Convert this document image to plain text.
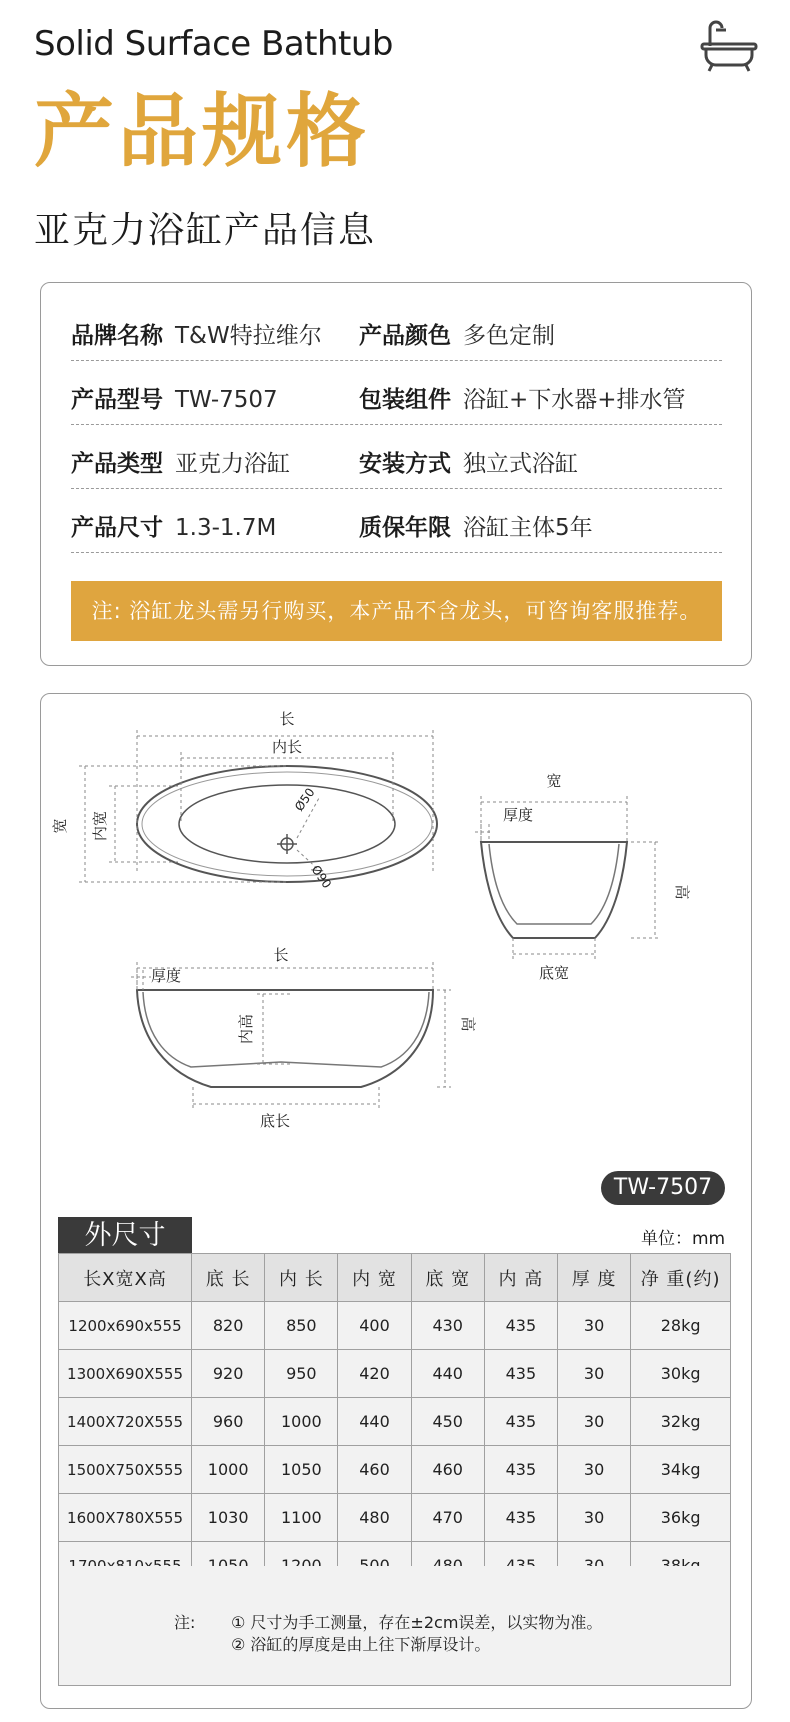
Solid Surface Bathtub
产品规格
亚克力浴缸产品信息
品牌名称 T&W特拉维尔 产品颜色 多色定制
产品型号 TW-7507	包装组件 浴缸+下水器+排水管
产品类型 亚克力浴缸	安装方式 独立式浴缸
产品尺寸 1.3-1.7M	质保年限 浴缸主体5年
注: 浴缸龙头需另行购买，本产品不含龙头，可咨询客服推荐。
长
内长
宽 内宽
Ø50
Ø90
宽
厚度
高
底宽
长
厚度
内高	高
底长
TW-7507
外尺寸	单位：mm
长X宽X高	底 长	内 长	内 宽	底 宽	内 高	厚 度	净 重(约)
1200x690x555	820	850	400	430	435	30	28kg
1300X690X555	920	950	420	440	435	30	30kg
1400X720X555	960	1000	440	450	435	30	32kg
1500X750X555	1000	1050	460	460	435	30	34kg
1600X780X555	1030	1100	480	470	435	30	36kg

注: ① 尺寸为手工测量，存在±2cm误差，以实物为准。
② 浴缸的厚度是由上往下渐厚设计。
